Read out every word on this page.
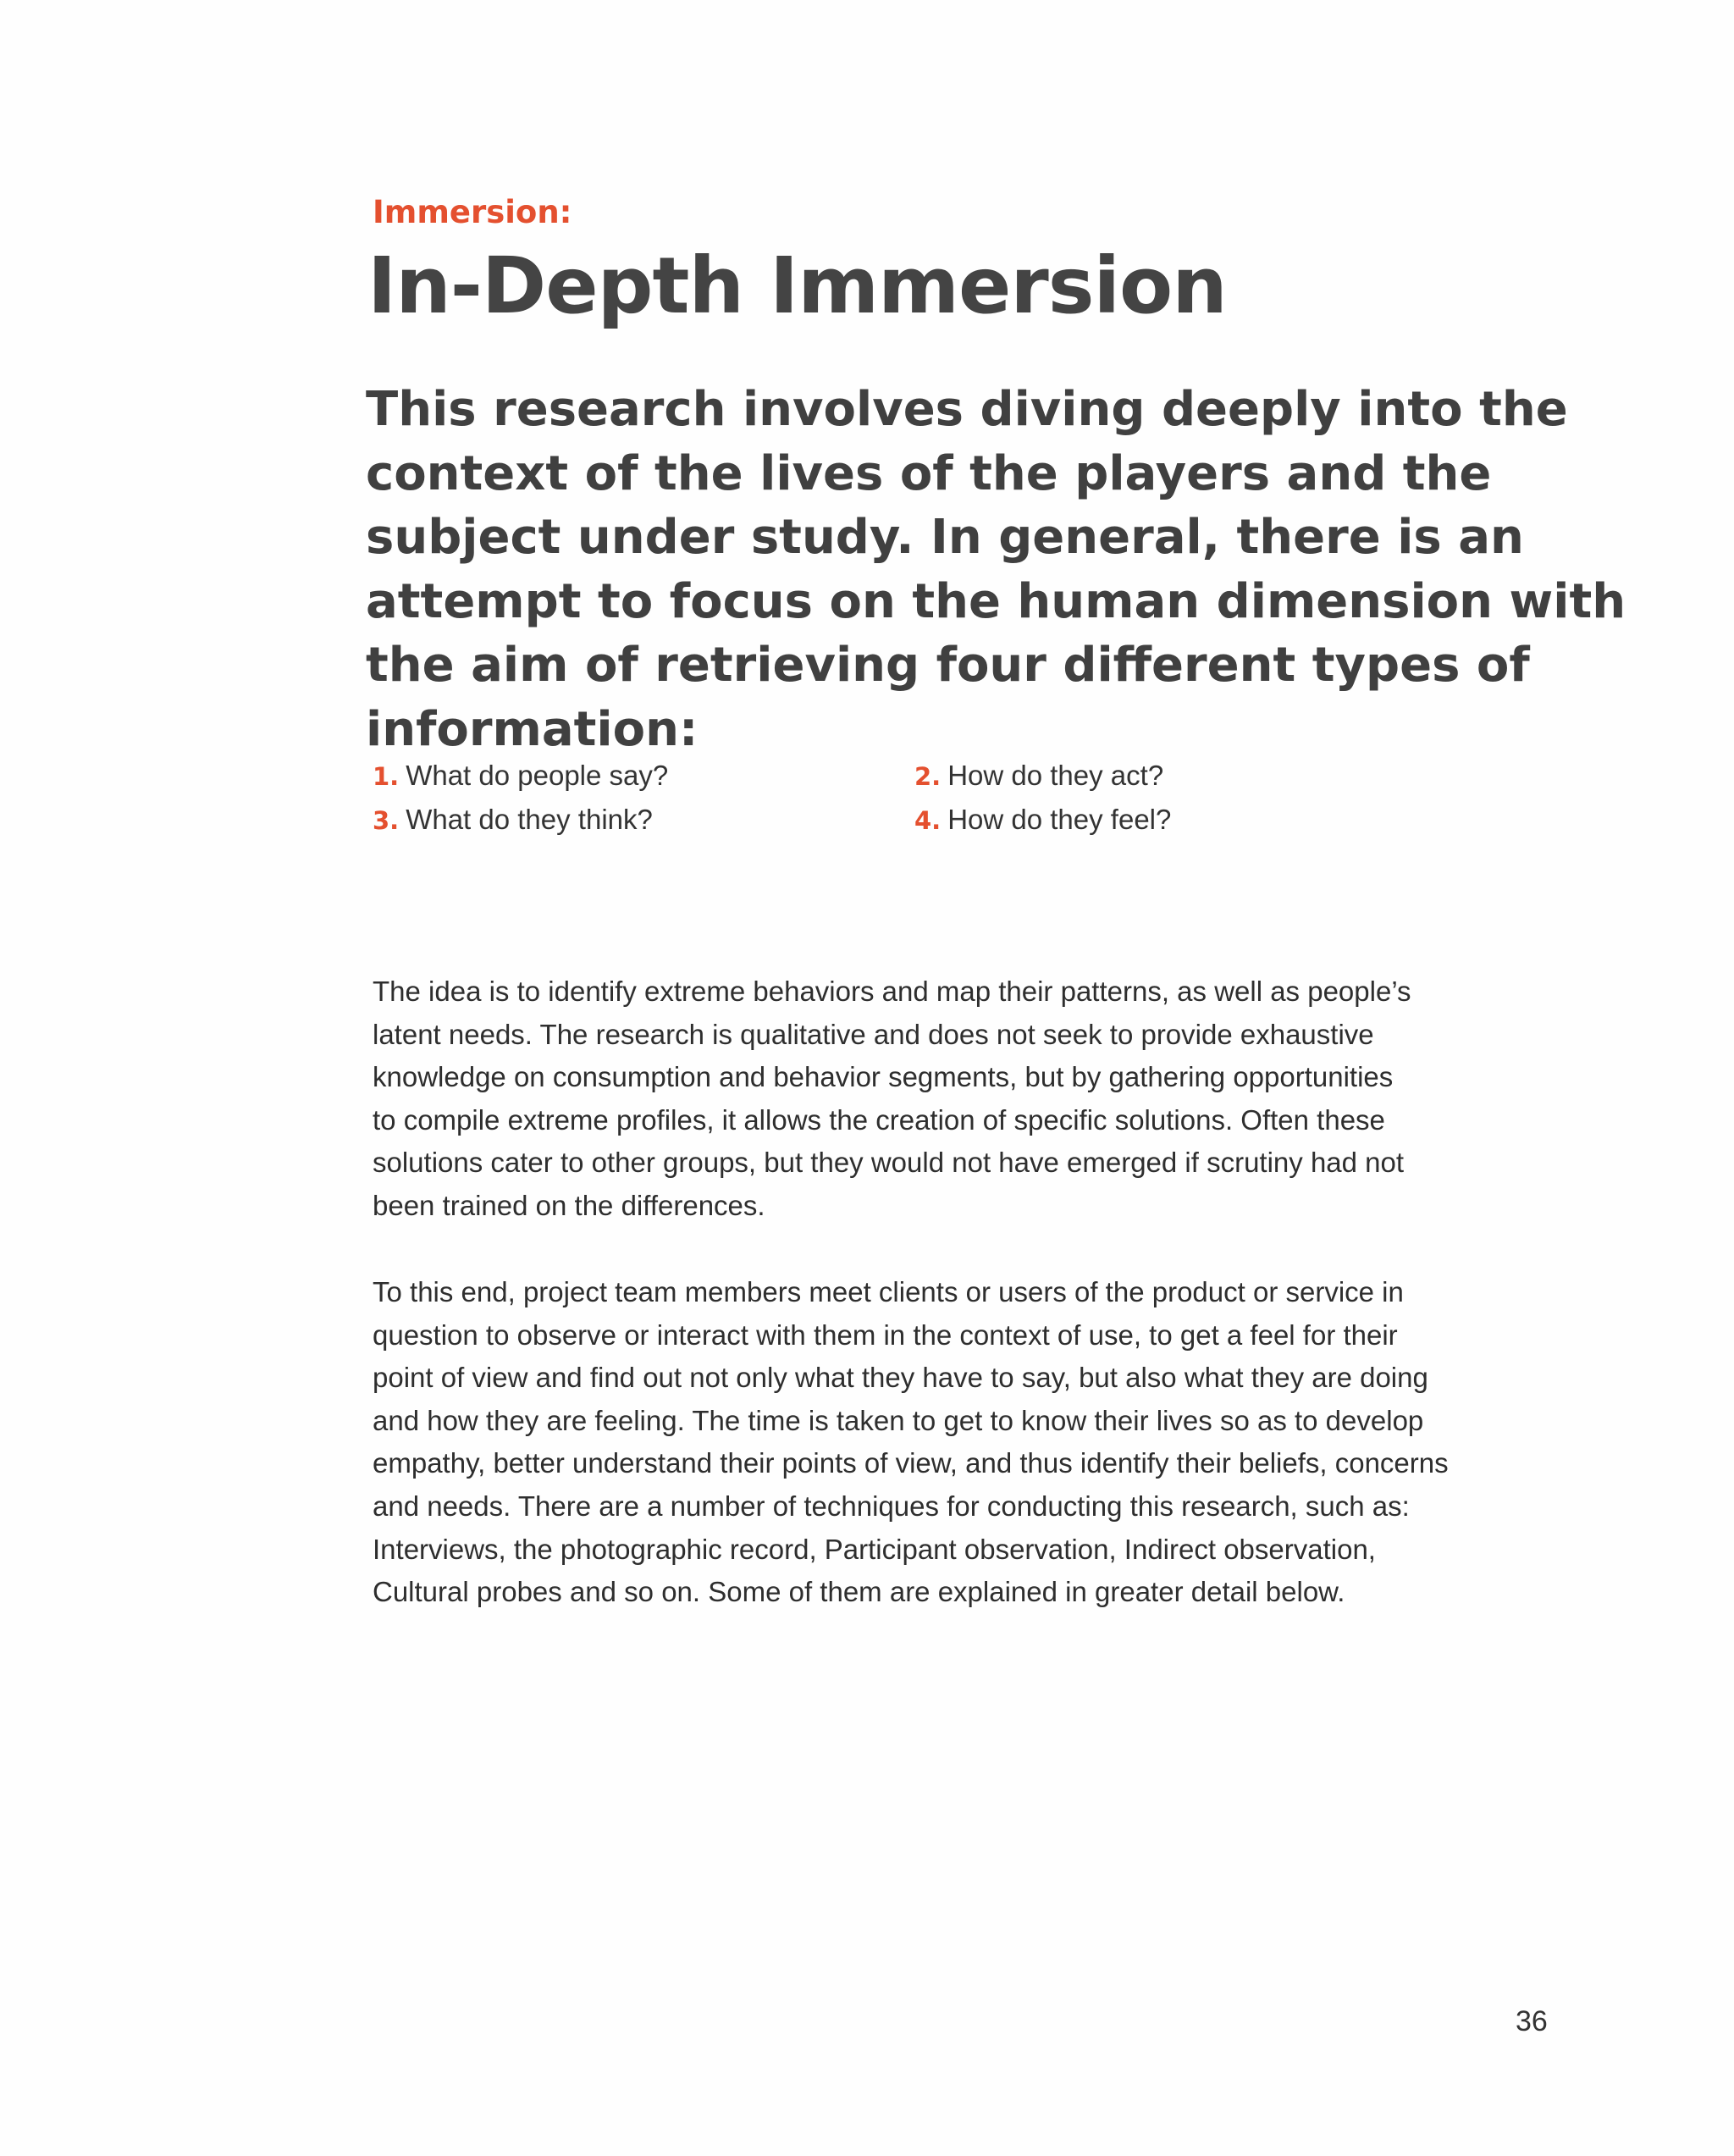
Immersion:
In-Depth Immersion

This research involves diving deeply into the
context of the lives of the players and the
subject under study. In general, there is an
attempt to focus on the human dimension with
the aim of retrieving four different types of
information:

1. What do people say?	2. How do they act?
3. What do they think?	4. How do they feel?

The idea is to identify extreme behaviors and map their patterns, as well as people’s
latent needs. The research is qualitative and does not seek to provide exhaustive
knowledge on consumption and behavior segments, but by gathering opportunities
to compile extreme profiles, it allows the creation of specific solutions. Often these
solutions cater to other groups, but they would not have emerged if scrutiny had not
been trained on the differences.

To this end, project team members meet clients or users of the product or service in
question to observe or interact with them in the context of use, to get a feel for their
point of view and find out not only what they have to say, but also what they are doing
and how they are feeling. The time is taken to get to know their lives so as to develop
empathy, better understand their points of view, and thus identify their beliefs, concerns
and needs. There are a number of techniques for conducting this research, such as:
Interviews, the photographic record, Participant observation, Indirect observation,
Cultural probes and so on. Some of them are explained in greater detail below.

36
